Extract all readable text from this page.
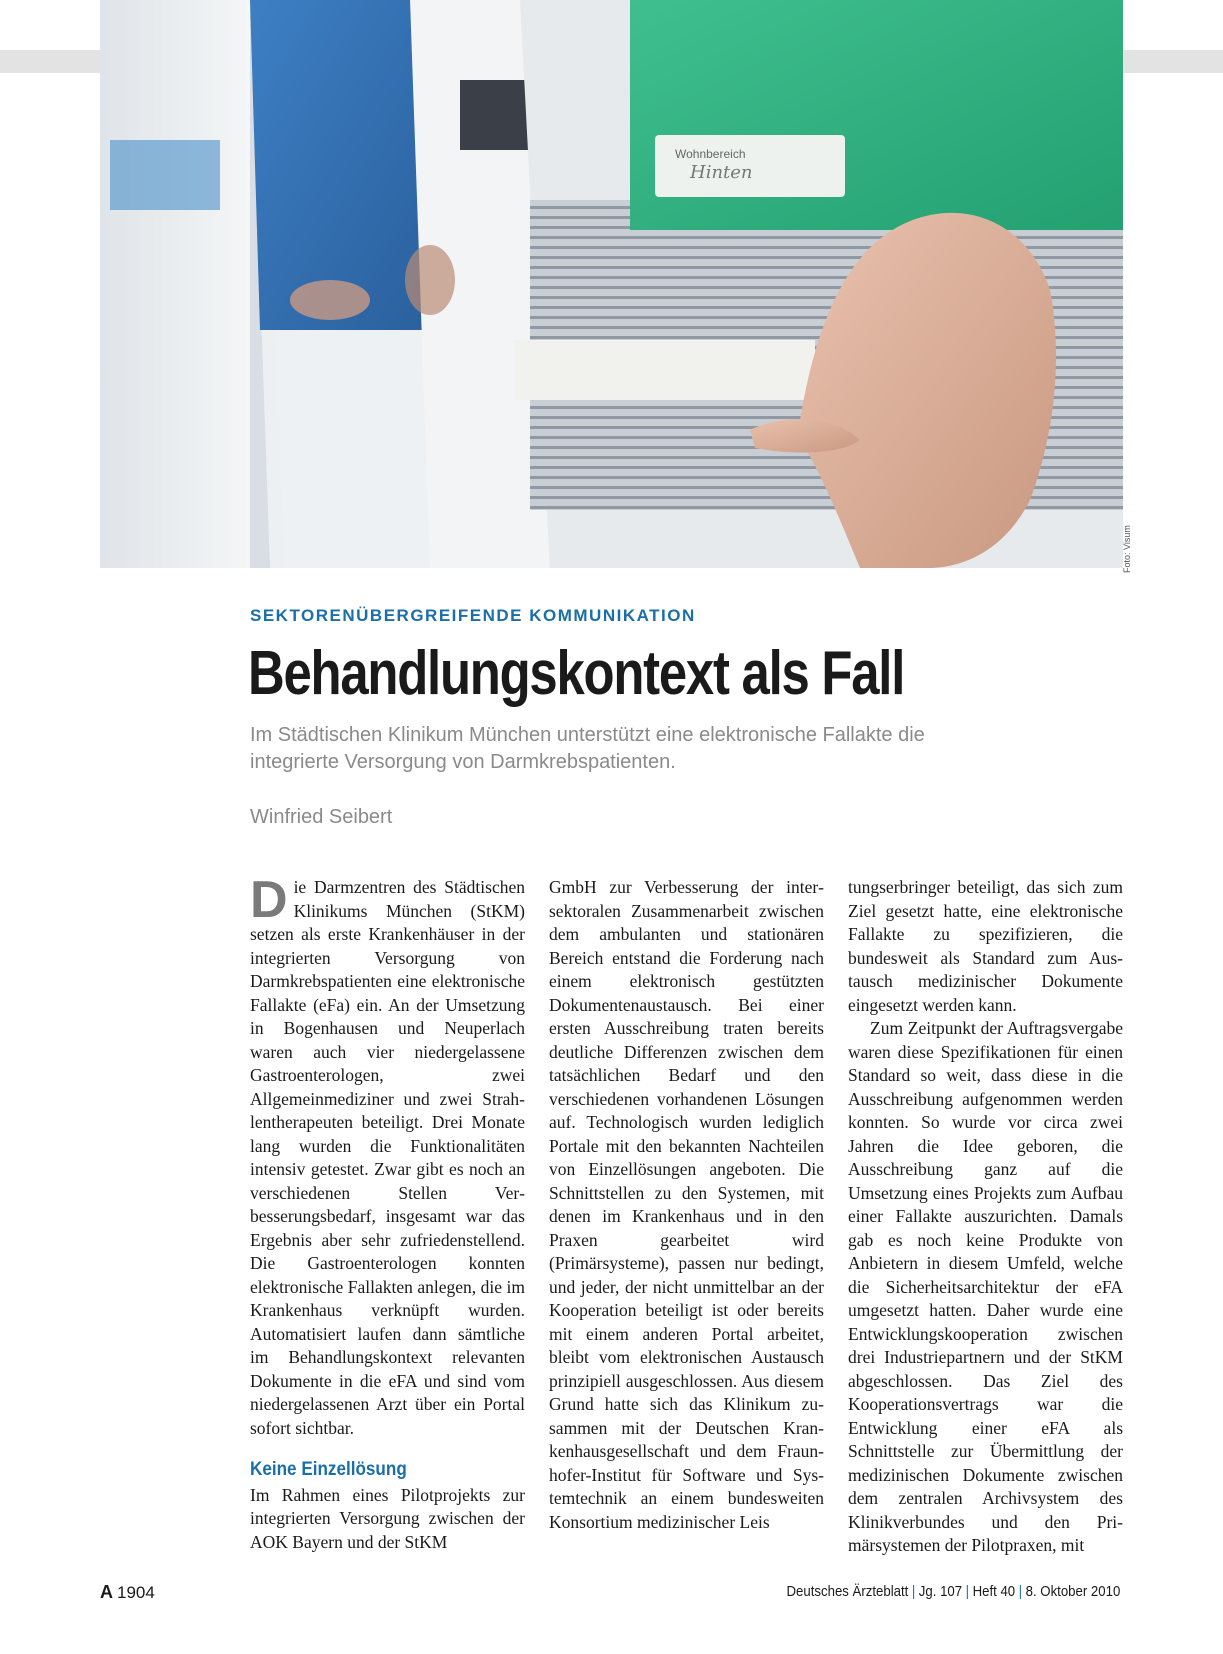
Wohnbereich
Hinten
Foto: Visum
SEKTORENÜBERGREIFENDE KOMMUNIKATION
Behandlungskontext als Fall
Im Städtischen Klinikum München unterstützt eine elektronische Fallakte die integrierte Versorgung von Darmkrebspatienten.
Winfried Seibert

Die Darmzentren des Städtischen Klinikums München (StKM) setzen als erste Krankenhäuser in der integrierten Versorgung von Darmkrebspatienten eine elektronische Fallakte (eFa) ein. An der Umsetzung in Bogenhausen und Neuperlach waren auch vier niedergelassene Gastroenterologen, zwei Allgemeinmediziner und zwei Strahlentherapeuten beteiligt. Drei Monate lang wurden die Funktionalitäten intensiv getestet. Zwar gibt es noch an verschiedenen Stellen Verbesserungsbedarf, insgesamt war das Ergebnis aber sehr zufriedenstellend. Die Gastroenterologen konnten elektronische Fallakten anlegen, die im Krankenhaus verknüpft wurden. Automatisiert laufen dann sämtliche im Behandlungskontext relevanten Dokumente in die eFA und sind vom niedergelassenen Arzt über ein Portal sofort sichtbar.

Keine Einzellösung

Im Rahmen eines Pilotprojekts zur integrierten Versorgung zwischen der AOK Bayern und der StKM

GmbH zur Verbesserung der intersektoralen Zusammenarbeit zwischen dem ambulanten und stationären Bereich entstand die Forderung nach einem elektronisch gestützten Dokumentenaustausch. Bei einer ersten Ausschreibung traten bereits deutliche Differenzen zwischen dem tatsächlichen Bedarf und den verschiedenen vorhandenen Lösungen auf. Technologisch wurden lediglich Portale mit den bekannten Nachteilen von Einzellösungen angeboten. Die Schnittstellen zu den Systemen, mit denen im Krankenhaus und in den Praxen gearbeitet wird (Primärsysteme), passen nur bedingt, und jeder, der nicht unmittelbar an der Kooperation beteiligt ist oder bereits mit einem anderen Portal arbeitet, bleibt vom elektronischen Austausch prinzipiell ausgeschlossen. Aus diesem Grund hatte sich das Klinikum zusammen mit der Deutschen Krankenhausgesellschaft und dem Fraunhofer-Institut für Software und Systemtechnik an einem bundesweiten Konsortium medizinischer Leis

tungserbringer beteiligt, das sich zum Ziel gesetzt hatte, eine elektronische Fallakte zu spezifizieren, die bundesweit als Standard zum Austausch medizinischer Dokumente eingesetzt werden kann.

Zum Zeitpunkt der Auftragsvergabe waren diese Spezifikationen für einen Standard so weit, dass diese in die Ausschreibung aufgenommen werden konnten. So wurde vor circa zwei Jahren die Idee geboren, die Ausschreibung ganz auf die Umsetzung eines Projekts zum Aufbau einer Fallakte auszurichten. Damals gab es noch keine Produkte von Anbietern in diesem Umfeld, welche die Sicherheitsarchitektur der eFA umgesetzt hatten. Daher wurde eine Entwicklungskooperation zwischen drei Industriepartnern und der StKM abgeschlossen. Das Ziel des Kooperationsvertrags war die Entwicklung einer eFA als Schnittstelle zur Übermittlung der medizinischen Dokumente zwischen dem zentralen Archivsystem des Klinikverbundes und den Primärsystemen der Pilotpraxen, mit

A 1904	Deutsches Ärzteblatt | Jg. 107 | Heft 40 | 8. Oktober 2010
